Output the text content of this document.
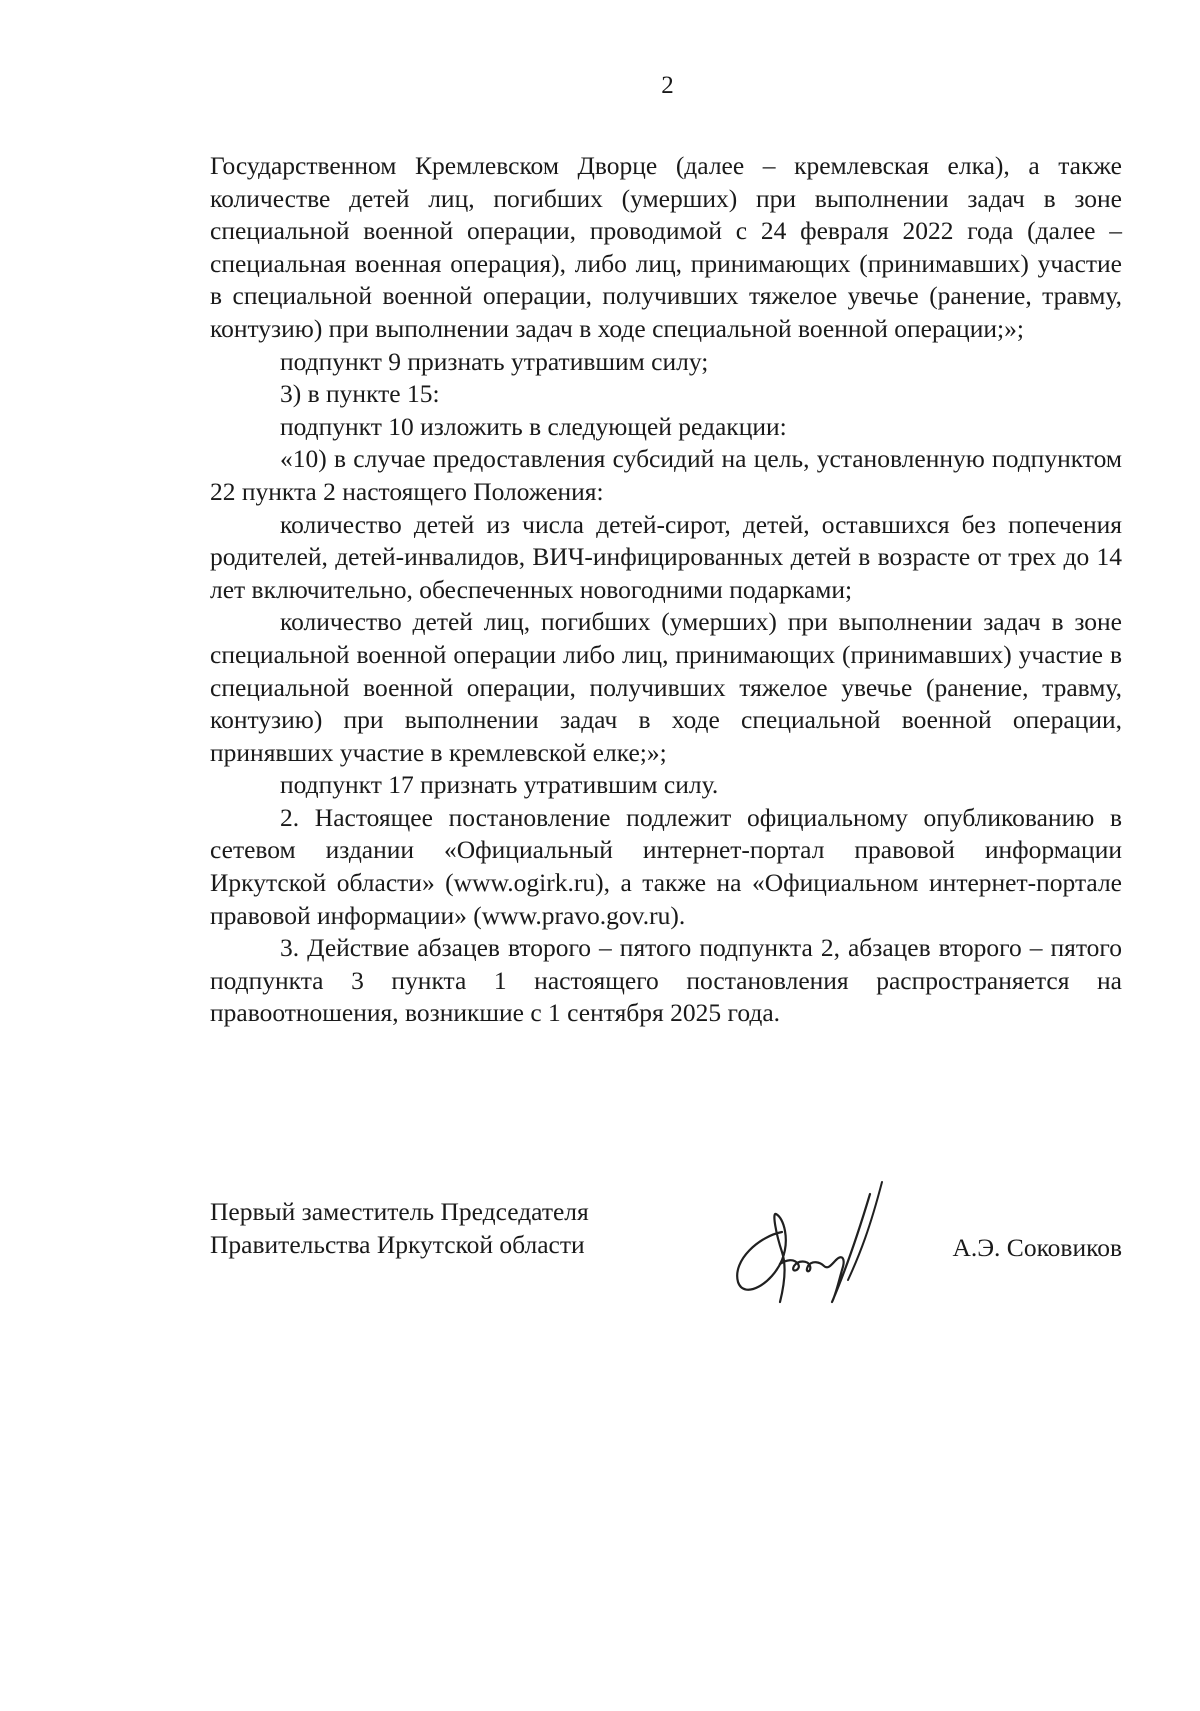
2

Государственном Кремлевском Дворце (далее – кремлевская елка), а также количестве детей лиц, погибших (умерших) при выполнении задач в зоне специальной военной операции, проводимой с 24 февраля 2022 года (далее – специальная военная операция), либо лиц, принимающих (принимавших) участие в специальной военной операции, получивших тяжелое увечье (ранение, травму, контузию) при выполнении задач в ходе специальной военной операции;»;

подпункт 9 признать утратившим силу;

3) в пункте 15:

подпункт 10 изложить в следующей редакции:

«10) в случае предоставления субсидий на цель, установленную подпунктом 22 пункта 2 настоящего Положения:

количество детей из числа детей-сирот, детей, оставшихся без попечения родителей, детей-инвалидов, ВИЧ-инфицированных детей в возрасте от трех до 14 лет включительно, обеспеченных новогодними подарками;

количество детей лиц, погибших (умерших) при выполнении задач в зоне специальной военной операции либо лиц, принимающих (принимавших) участие в специальной военной операции, получивших тяжелое увечье (ранение, травму, контузию) при выполнении задач в ходе специальной военной операции, принявших участие в кремлевской елке;»;

подпункт 17 признать утратившим силу.

2. Настоящее постановление подлежит официальному опубликованию в сетевом издании «Официальный интернет-портал правовой информации Иркутской области» (www.ogirk.ru), а также на «Официальном интернет-портале правовой информации» (www.pravo.gov.ru).

3. Действие абзацев второго – пятого подпункта 2, абзацев второго – пятого подпункта 3 пункта 1 настоящего постановления распространяется на правоотношения, возникшие с 1 сентября 2025 года.

Первый заместитель Председателя
Правительства Иркутской области	А.Э. Соковиков
